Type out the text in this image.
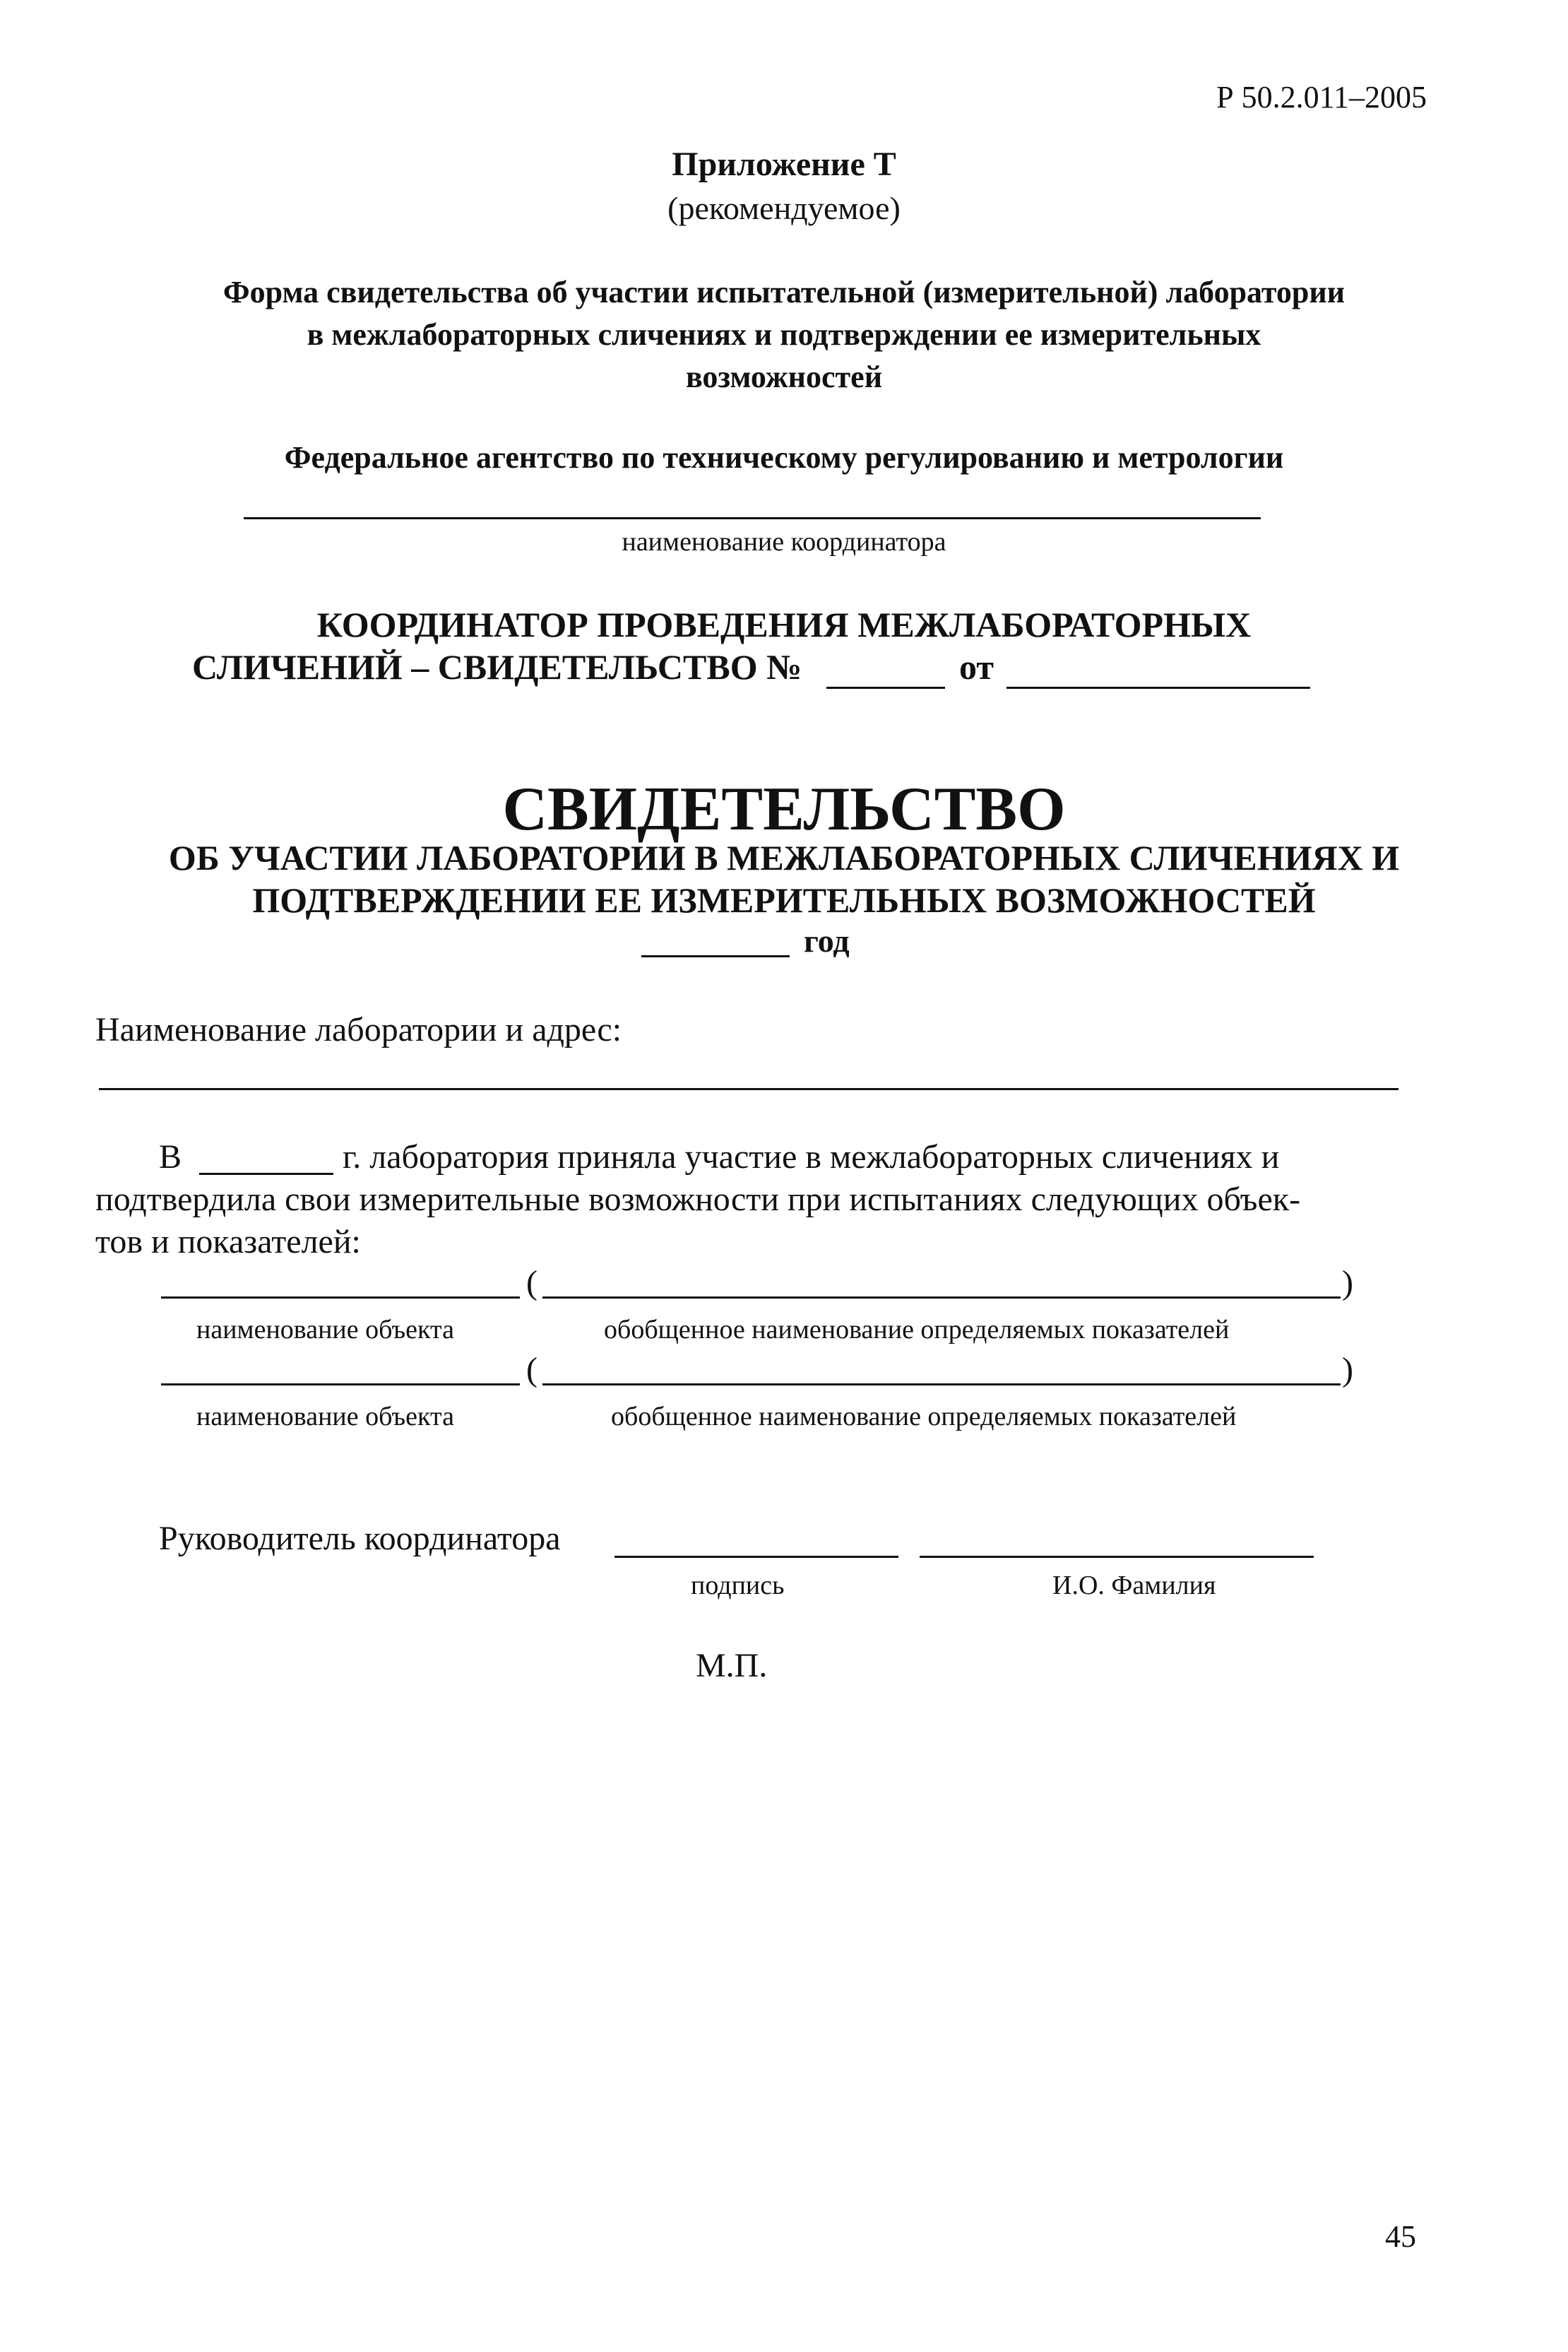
Р 50.2.011–2005
Приложение Т
(рекомендуемое)
Форма свидетельства об участии испытательной (измерительной) лаборатории
в межлабораторных сличениях и подтверждении ее измерительных
возможностей
Федеральное агентство по техническому регулированию и метрологии
наименование координатора
КООРДИНАТОР ПРОВЕДЕНИЯ МЕЖЛАБОРАТОРНЫХ
СЛИЧЕНИЙ – СВИДЕТЕЛЬСТВО №	от
СВИДЕТЕЛЬСТВО
ОБ УЧАСТИИ ЛАБОРАТОРИИ В МЕЖЛАБОРАТОРНЫХ СЛИЧЕНИЯХ И
ПОДТВЕРЖДЕНИИ ЕЕ ИЗМЕРИТЕЛЬНЫХ ВОЗМОЖНОСТЕЙ
год
Наименование лаборатории и адрес:
В	г. лаборатория приняла участие в межлабораторных сличениях и
подтвердила свои измерительные возможности при испытаниях следующих объек-
тов и показателей:
(	)
наименование объекта	обобщенное наименование определяемых показателей
(	)
наименование объекта	обобщенное наименование определяемых показателей
Руководитель координатора
подпись	И.О. Фамилия
М.П.
45
